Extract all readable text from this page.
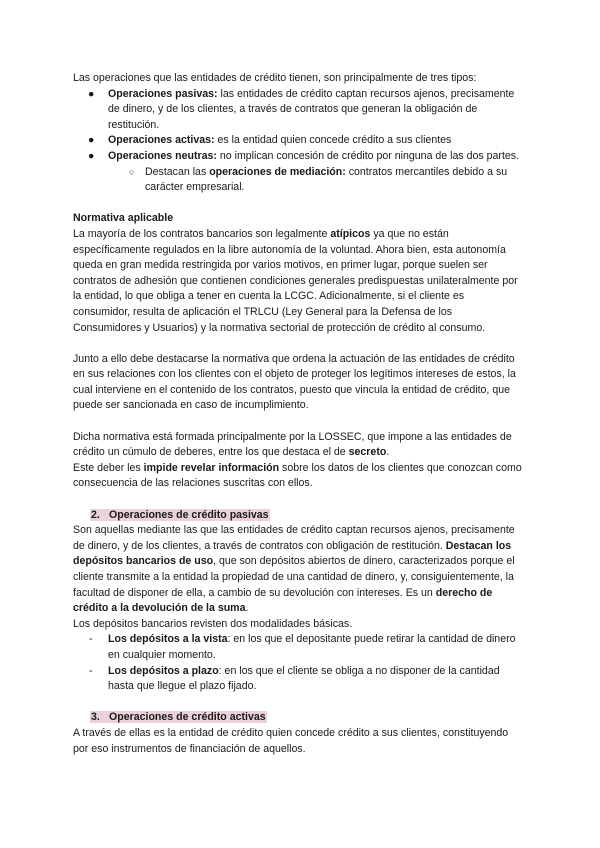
Las operaciones que las entidades de crédito tienen, son principalmente de tres tipos:

● Operaciones pasivas: las entidades de crédito captan recursos ajenos, precisamente de dinero, y de los clientes, a través de contratos que generan la obligación de restitución.
● Operaciones activas: es la entidad quien concede crédito a sus clientes
● Operaciones neutras: no implican concesión de crédito por ninguna de las dos partes.
○ Destacan las operaciones de mediación: contratos mercantiles debido a su carácter empresarial.
Normativa aplicable

La mayoría de los contratos bancarios son legalmente atípicos ya que no están específicamente regulados en la libre autonomía de la voluntad. Ahora bien, esta autonomía queda en gran medida restringida por varios motivos, en primer lugar, porque suelen ser contratos de adhesión que contienen condiciones generales predispuestas unilateralmente por la entidad, lo que obliga a tener en cuenta la LCGC. Adicionalmente, si el cliente es consumidor, resulta de aplicación el TRLCU (Ley General para la Defensa de los Consumidores y Usuarios) y la normativa sectorial de protección de crédito al consumo.

Junto a ello debe destacarse la normativa que ordena la actuación de las entidades de crédito en sus relaciones con los clientes con el objeto de proteger los legítimos intereses de estos, la cual interviene en el contenido de los contratos, puesto que vincula la entidad de crédito, que puede ser sancionada en caso de incumplimiento.

Dicha normativa está formada principalmente por la LOSSEC, que impone a las entidades de crédito un cúmulo de deberes, entre los que destaca el de secreto.

Este deber les impide revelar información sobre los datos de los clientes que conozcan como consecuencia de las relaciones suscritas con ellos.

2. Operaciones de crédito pasivas

Son aquellas mediante las que las entidades de crédito captan recursos ajenos, precisamente de dinero, y de los clientes, a través de contratos con obligación de restitución. Destacan los depósitos bancarios de uso, que son depósitos abiertos de dinero, caracterizados porque el cliente transmite a la entidad la propiedad de una cantidad de dinero, y, consiguientemente, la facultad de disponer de ella, a cambio de su devolución con intereses. Es un derecho de crédito a la devolución de la suma.

Los depósitos bancarios revisten dos modalidades básicas.

- Los depósitos a la vista: en los que el depositante puede retirar la cantidad de dinero en cualquier momento.
- Los depósitos a plazo: en los que el cliente se obliga a no disponer de la cantidad hasta que llegue el plazo fijado.
3. Operaciones de crédito activas

A través de ellas es la entidad de crédito quien concede crédito a sus clientes, constituyendo por eso instrumentos de financiación de aquellos.
